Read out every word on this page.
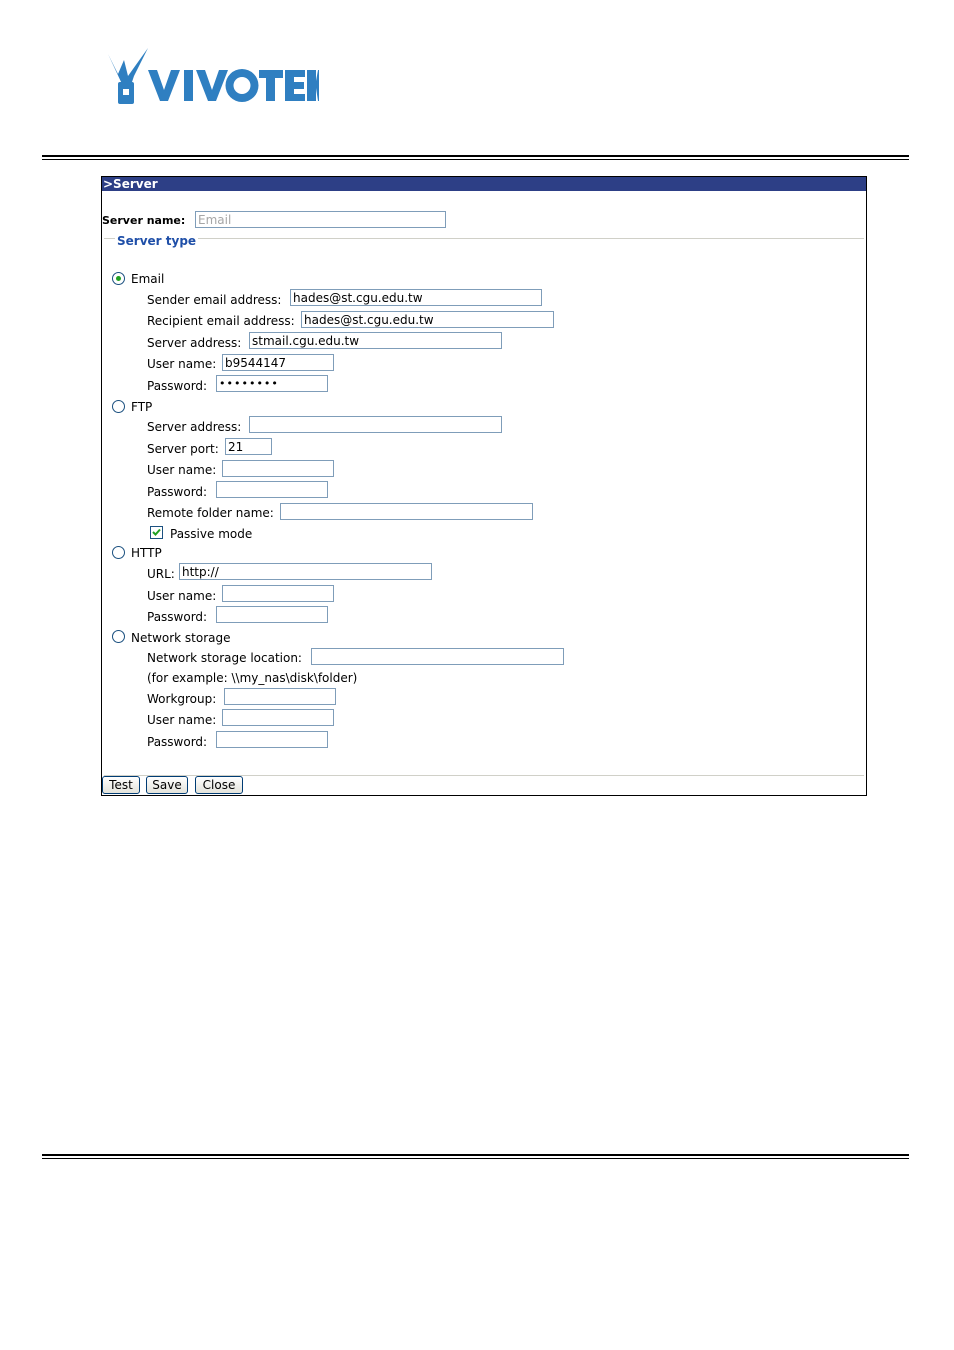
>Server
Server name:
Email
Server type
Email
Sender email address:
hades@st.cgu.edu.tw
Recipient email address:
hades@st.cgu.edu.tw
Server address:
stmail.cgu.edu.tw
User name:
b9544147
Password:
••••••••
FTP
Server address:
Server port:
21
User name:
Password:
Remote folder name:
Passive mode
HTTP
URL:
http://
User name:
Password:
Network storage
Network storage location:
(for example: \\my_nas\disk\folder)
Workgroup:
User name:
Password:
Test	Save	Close
